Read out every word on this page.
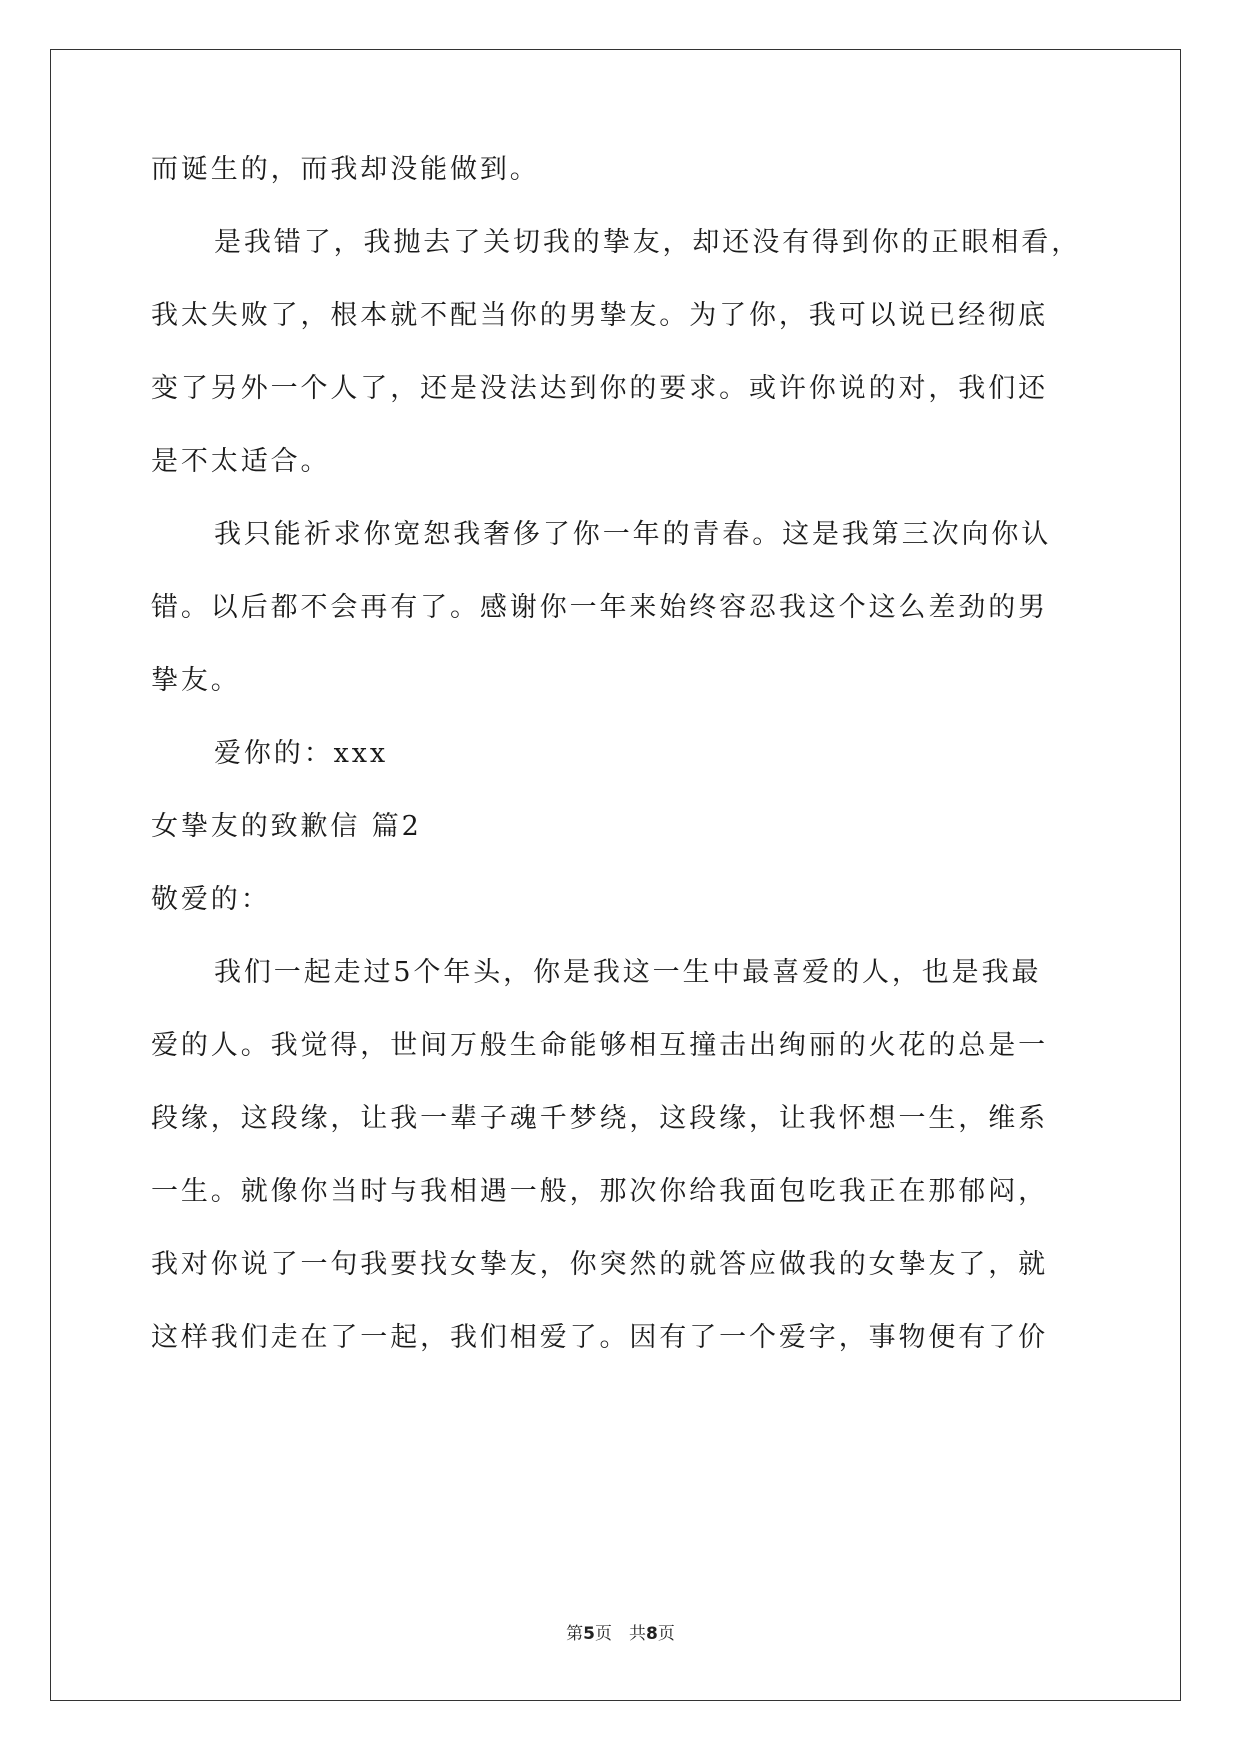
而诞生的，而我却没能做到。
是我错了，我抛去了关切我的挚友，却还没有得到你的正眼相看，
我太失败了，根本就不配当你的男挚友。为了你，我可以说已经彻底
变了另外一个人了，还是没法达到你的要求。或许你说的对，我们还
是不太适合。
我只能祈求你宽恕我奢侈了你一年的青春。这是我第三次向你认
错。以后都不会再有了。感谢你一年来始终容忍我这个这么差劲的男
挚友。
爱你的：xxx
女挚友的致歉信 篇2
敬爱的：
我们一起走过5个年头，你是我这一生中最喜爱的人，也是我最
爱的人。我觉得，世间万般生命能够相互撞击出绚丽的火花的总是一
段缘，这段缘，让我一辈子魂千梦绕，这段缘，让我怀想一生，维系
一生。就像你当时与我相遇一般，那次你给我面包吃我正在那郁闷，
我对你说了一句我要找女挚友，你突然的就答应做我的女挚友了，就
这样我们走在了一起，我们相爱了。因有了一个爱字，事物便有了价
第5页　共8页
